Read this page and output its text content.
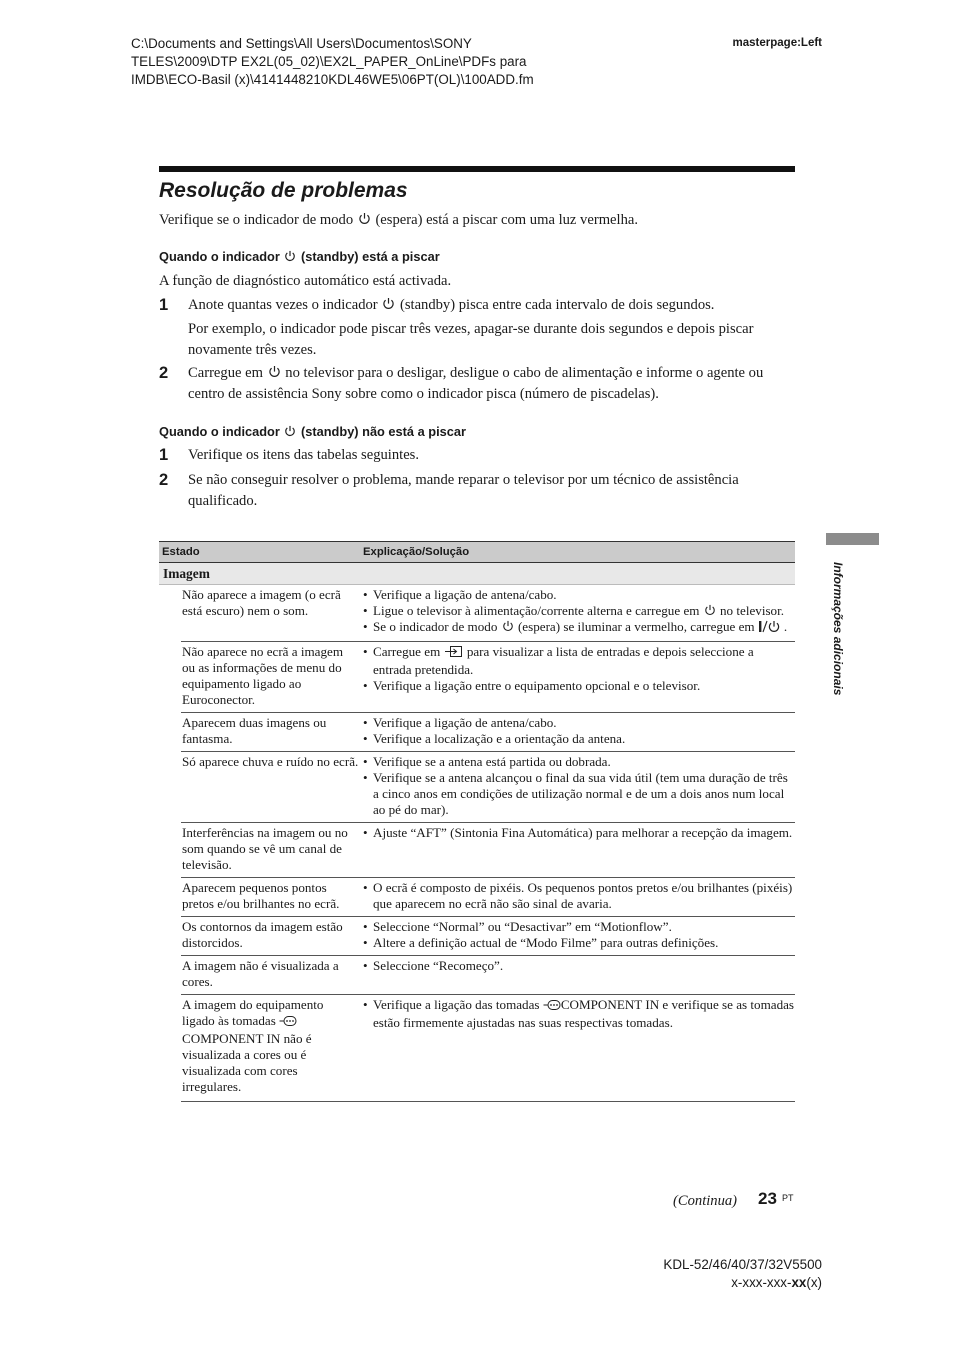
C:\Documents and Settings\All Users\Documentos\SONY
TELES\2009\DTP EX2L(05_02)\EX2L_PAPER_OnLine\PDFs para
IMDB\ECO-Basil (x)\4141448210KDL46WE5\06PT(OL)\100ADD.fm
masterpage:Left
Resolução de problemas
Verifique se o indicador de modo (espera) está a piscar com uma luz vermelha.
Quando o indicador (standby) está a piscar
A função de diagnóstico automático está activada.
1 Anote quantas vezes o indicador (standby) pisca entre cada intervalo de dois segundos.
Por exemplo, o indicador pode piscar três vezes, apagar-se durante dois segundos e depois piscar novamente três vezes.
2 Carregue em no televisor para o desligar, desligue o cabo de alimentação e informe o agente ou centro de assistência Sony sobre como o indicador pisca (número de piscadelas).
Quando o indicador (standby) não está a piscar
1 Verifique os itens das tabelas seguintes.
2 Se não conseguir resolver o problema, mande reparar o televisor por um técnico de assistência qualificado.
Estado	Explicação/Solução
Imagem
Não aparece a imagem (o ecrã está escuro) nem o som.
• Verifique a ligação de antena/cabo.
• Ligue o televisor à alimentação/corrente alterna e carregue em no televisor.
• Se o indicador de modo (espera) se iluminar a vermelho, carregue em .
Não aparece no ecrã a imagem ou as informações de menu do equipamento ligado ao Euroconector.
• Carregue em para visualizar a lista de entradas e depois seleccione a entrada pretendida.
• Verifique a ligação entre o equipamento opcional e o televisor.
Aparecem duas imagens ou fantasma.
• Verifique a ligação de antena/cabo.
• Verifique a localização e a orientação da antena.
Só aparece chuva e ruído no ecrã.
•	Verifique se a antena está partida ou dobrada.
• Verifique se a antena alcançou o final da sua vida útil (tem uma duração de três a cinco anos em condições de utilização normal e de um a dois anos num local ao pé do mar).
Interferências na imagem ou no som quando se vê um canal de televisão.
• Ajuste “AFT” (Sintonia Fina Automática) para melhorar a recepção da imagem.
Aparecem pequenos pontos pretos e/ou brilhantes no ecrã.
• O ecrã é composto de pixéis. Os pequenos pontos pretos e/ou brilhantes (pixéis) que aparecem no ecrã não são sinal de avaria.
Os contornos da imagem estão distorcidos.
• Seleccione “Normal” ou “Desactivar” em “Motionflow”.
• Altere a definição actual de “Modo Filme” para outras definições.
A imagem não é visualizada a cores.
• Seleccione “Recomeço”.
A imagem do equipamento ligado às tomadas COMPONENT IN não é visualizada a cores ou é visualizada com cores irregulares.
• Verifique a ligação das tomadas COMPONENT IN e verifique se as tomadas estão firmemente ajustadas nas suas respectivas tomadas.
Informações adicionais
(Continua) 23 PT
KDL-52/46/40/37/32V5500
x-xxx-xxx-xx(x)
